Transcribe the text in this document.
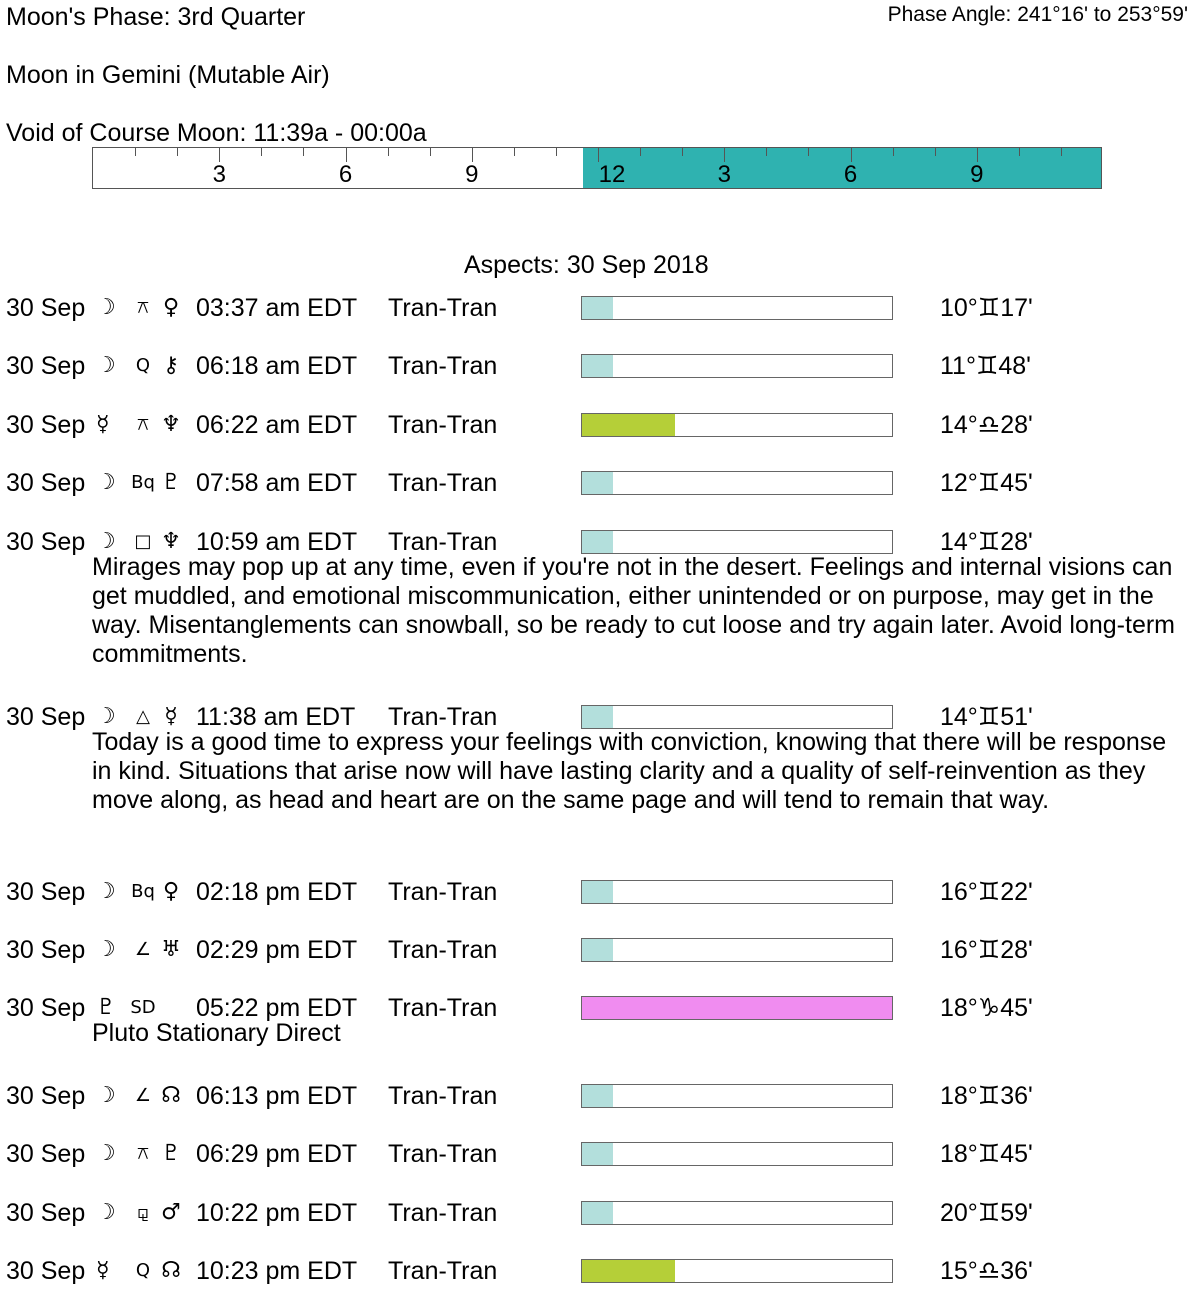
Moon's Phase: 3rd Quarter	Phase Angle: 241°16' to 253°59'
Moon in Gemini (Mutable Air)
Void of Course Moon: 11:39a - 00:00a
3	6	9	12	3	6	9
Aspects: 30 Sep 2018
30 Sep ☽	⚻ ♀ 03:37 am EDT Tran-Tran	10°♊17'
30 Sep ☽	Q ⚷ 06:18 am EDT Tran-Tran	11°♊48'
30 Sep ☿	⚻ ♆ 06:22 am EDT Tran-Tran	14°♎28'
30 Sep ☽ Bq ♇ 07:58 am EDT Tran-Tran	12°♊45'
30 Sep ☽	□ ♆ 10:59 am EDT Tran-Tran	14°♊28'
Mirages may pop up at any time, even if you're not in the desert. Feelings and internal visions can get muddled, and emotional miscommunication, either unintended or on purpose, may get in the way. Misentanglements can snowball, so be ready to cut loose and try again later. Avoid long-term commitments.
30 Sep ☽	△ ☿ 11:38 am EDT Tran-Tran	14°♊51'
Today is a good time to express your feelings with conviction, knowing that there will be response in kind. Situations that arise now will have lasting clarity and a quality of self-reinvention as they move along, as head and heart are on the same page and will tend to remain that way.
30 Sep ☽ Bq ♀ 02:18 pm EDT Tran-Tran	16°♊22'
30 Sep ☽	∠ ♅ 02:29 pm EDT Tran-Tran	16°♊28'
30 Sep ♇ SD 05:22 pm EDT Tran-Tran	18°♑45'
Pluto Stationary Direct
30 Sep ☽	∠ ☊ 06:13 pm EDT Tran-Tran	18°♊36'
30 Sep ☽	⚻ ♇ 06:29 pm EDT Tran-Tran	18°♊45'
30 Sep ☽	⚼ ♂ 10:22 pm EDT Tran-Tran	20°♊59'
30 Sep ☿	Q ☊ 10:23 pm EDT Tran-Tran	15°♎36'
